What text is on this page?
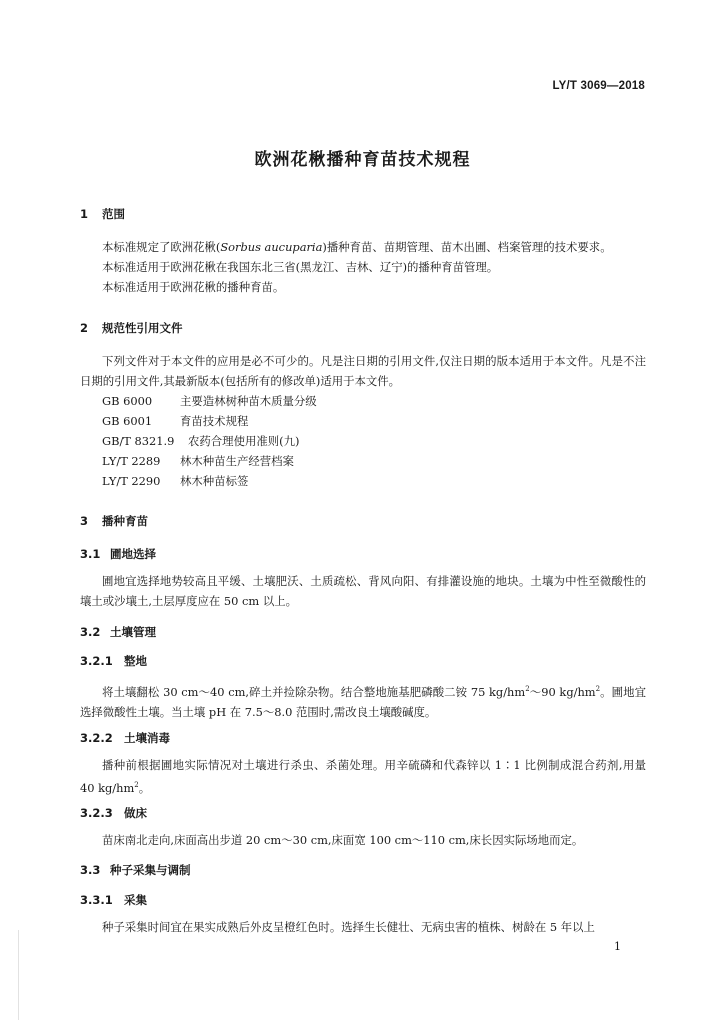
LY/T 3069—2018
欧洲花楸播种育苗技术规程
1 范围
本标准规定了欧洲花楸(Sorbus aucuparia)播种育苗、苗期管理、苗木出圃、档案管理的技术要求。
本标准适用于欧洲花楸在我国东北三省(黑龙江、吉林、辽宁)的播种育苗管理。
本标准适用于欧洲花楸的播种育苗。
2 规范性引用文件
下列文件对于本文件的应用是必不可少的。凡是注日期的引用文件,仅注日期的版本适用于本文件。凡是不注日期的引用文件,其最新版本(包括所有的修改单)适用于本文件。
GB 6000 主要造林树种苗木质量分级
GB 6001 育苗技术规程
GB/T 8321.9 农药合理使用准则(九)
LY/T 2289 林木种苗生产经营档案
LY/T 2290 林木种苗标签
3 播种育苗
3.1 圃地选择
圃地宜选择地势较高且平缓、土壤肥沃、土质疏松、背风向阳、有排灌设施的地块。土壤为中性至微酸性的壤土或沙壤土,土层厚度应在 50 cm 以上。
3.2 土壤管理
3.2.1 整地
将土壤翻松 30 cm～40 cm,碎土并捡除杂物。结合整地施基肥磷酸二铵 75 $kg/hm^2\sim 90$ $kg/hm^2$。圃地宜选择微酸性土壤。当土壤 pH 在 7.5～8.0 范围时,需改良土壤酸碱度。
3.2.2 土壤消毒
播种前根据圃地实际情况对土壤进行杀虫、杀菌处理。用辛硫磷和代森锌以 1∶1 比例制成混合药剂,用量 40 $kg/hm^2$。
3.2.3 做床
苗床南北走向,床面高出步道 20 cm～30 cm,床面宽 100 cm～110 cm,床长因实际场地而定。
3.3 种子采集与调制
3.3.1 采集
种子采集时间宜在果实成熟后外皮呈橙红色时。选择生长健壮、无病虫害的植株、树龄在 5 年以上
1
